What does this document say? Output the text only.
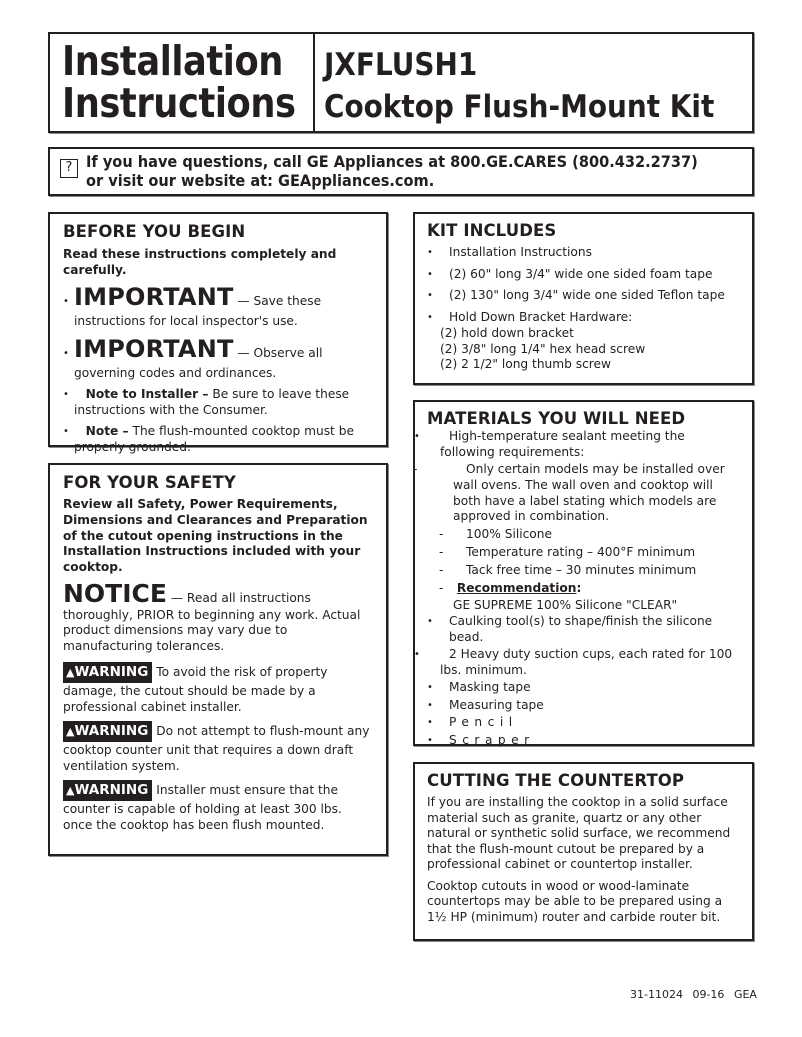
Installation
Instructions
JXFLUSH1
Cooktop Flush-Mount Kit
? If you have questions, call GE Appliances at 800.GE.CARES (800.432.2737)
or visit our website at: GEAppliances.com.
BEFORE YOU BEGIN
Read these instructions completely and carefully.
• IMPORTANT — Save these instructions for local inspector's use.
• IMPORTANT — Observe all governing codes and ordinances.
• Note to Installer – Be sure to leave these instructions with the Consumer.
• Note – The flush-mounted cooktop must be properly grounded.
FOR YOUR SAFETY
Review all Safety, Power Requirements, Dimensions and Clearances and Preparation of the cutout opening instructions in the Installation Instructions included with your cooktop.
NOTICE — Read all instructions thoroughly, PRIOR to beginning any work. Actual product dimensions may vary due to manufacturing tolerances.
▲WARNING To avoid the risk of property damage, the cutout should be made by a professional cabinet installer.
▲WARNING Do not attempt to flush-mount any cooktop counter unit that requires a down draft ventilation system.
▲WARNING Installer must ensure that the counter is capable of holding at least 300 lbs. once the cooktop has been flush mounted.
KIT INCLUDES
• Installation Instructions
• (2) 60" long 3/4" wide one sided foam tape
• (2) 130" long 3/4" wide one sided Teflon tape
• Hold Down Bracket Hardware:
(2) hold down bracket
(2) 3/8" long 1/4" hex head screw
(2) 2 1/2" long thumb screw
MATERIALS YOU WILL NEED
• High-temperature sealant meeting the following requirements:
-	Only certain models may be installed over wall ovens. The wall oven and cooktop will both have a label stating which models are approved in combination.
- 100% Silicone
- Temperature rating – 400°F minimum
- Tack free time – 30 minutes minimum
- Recommendation:
GE SUPREME 100% Silicone "CLEAR"
• Caulking tool(s) to shape/finish the silicone bead.
• 2 Heavy duty suction cups, each rated for 100 lbs. minimum.
• Masking tape
• Measuring tape
• Pencil
• Scraper
CUTTING THE COUNTERTOP
If you are installing the cooktop in a solid surface material such as granite, quartz or any other natural or synthetic solid surface, we recommend that the flush-mount cutout be prepared by a professional cabinet or countertop installer.
Cooktop cutouts in wood or wood-laminate countertops may be able to be prepared using a 1½ HP (minimum) router and carbide router bit.
31-11024 09-16 GEA
